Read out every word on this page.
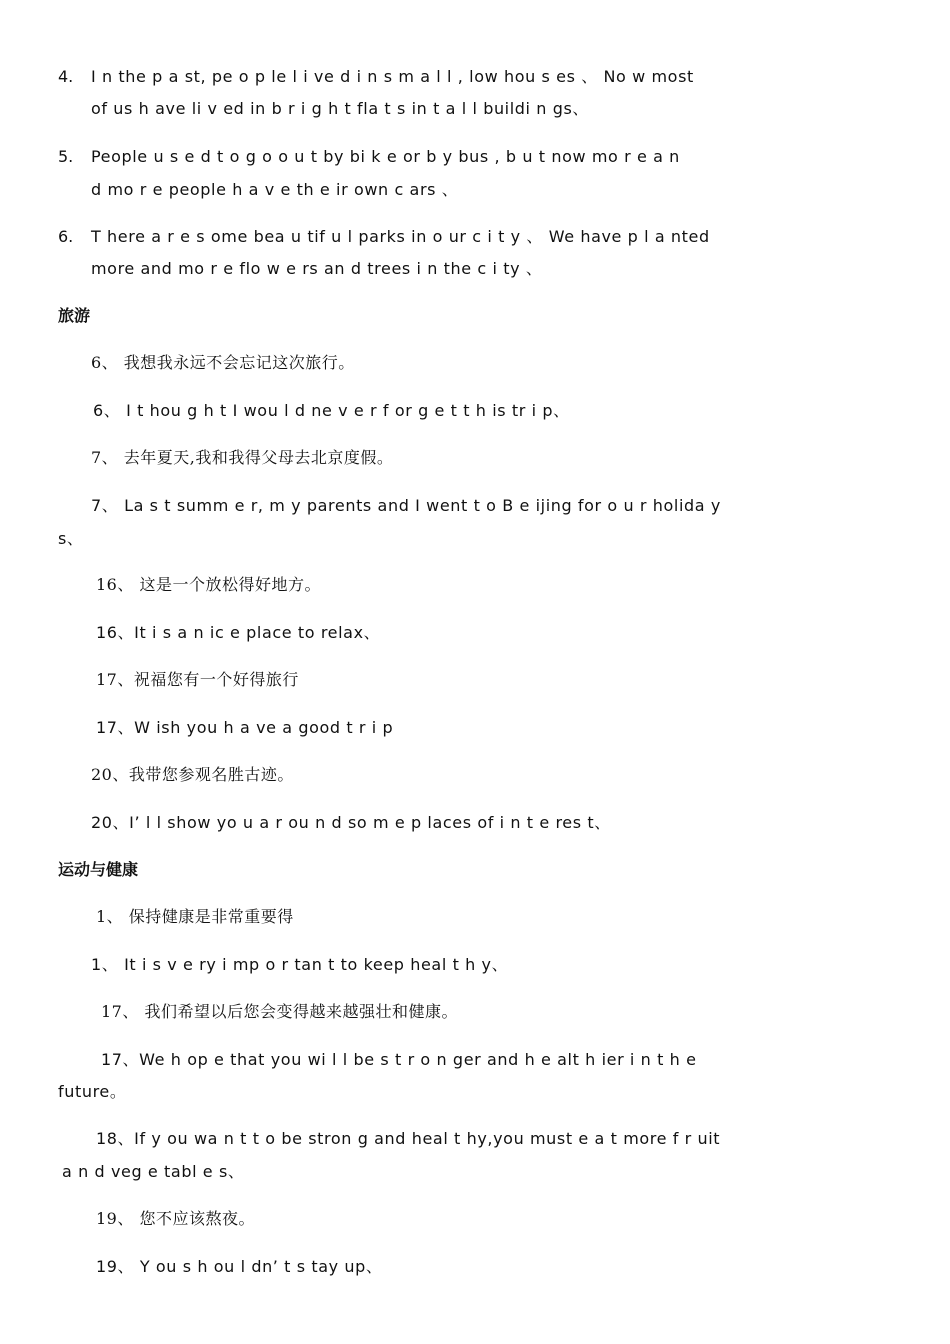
4. I n the p a st, pe o p le l i ve d i n s m a l l , low hou s es 、 No w most
of us h ave li v ed in b r i g h t fla t s in t a l l buildi n gs、
5. People u s e d t o g o o u t by bi k e or b y bus , b u t now mo r e a n
d mo r e people h a v e th e ir own c ars 、
6. T here a r e s ome bea u tif u l parks in o ur c i t y 、 We have p l a nted
more and mo r e flo w e rs an d trees i n the c i ty 、
旅游
6、 我想我永远不会忘记这次旅行。
6、 I t hou g h t I wou l d ne v e r f or g e t t h is tr i p、
7、 去年夏天,我和我得父母去北京度假。
7、 La s t summ e r, m y parents and I went t o B e ijing for o u r holida y
s、
16、 这是一个放松得好地方。
16、It i s a n ic e place to relax、
17、祝福您有一个好得旅行
17、W ish you h a ve a good t r i p
20、我带您参观名胜古迹。
20、I’ l l show yo u a r ou n d so m e p laces of i n t e res t、
运动与健康
1、 保持健康是非常重要得
1、 It i s v e ry i mp o r tan t to keep heal t h y、
17、 我们希望以后您会变得越来越强壮和健康。
17、We h op e that you wi l l be s t r o n ger and h e alt h ier i n t h e
future。
18、If y ou wa n t t o be stron g and heal t hy,you must e a t more f r uit
a n d veg e tabl e s、
19、 您不应该熬夜。
19、 Y ou s h ou l dn’ t s tay up、
